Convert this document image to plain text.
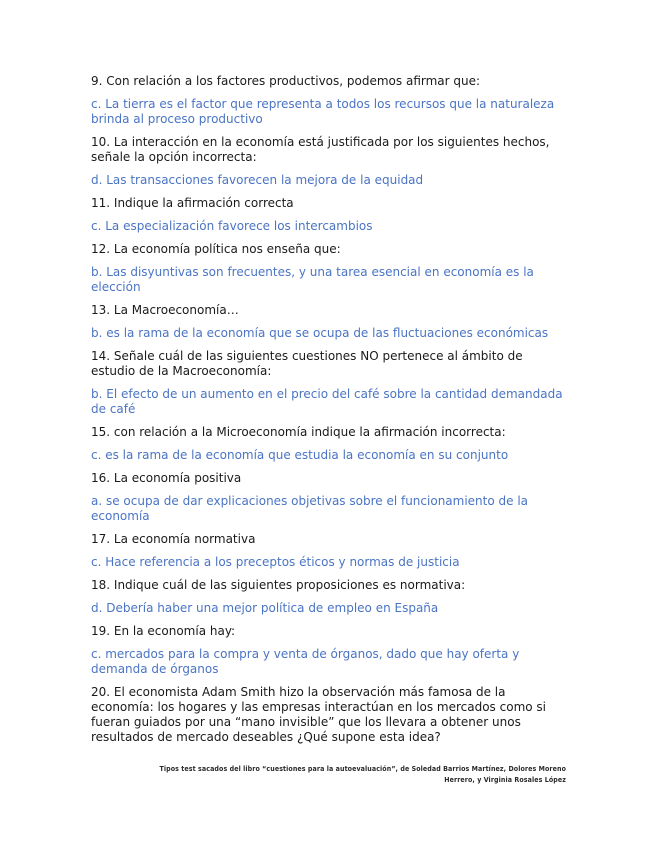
9. Con relación a los factores productivos, podemos afirmar que:

c. La tierra es el factor que representa a todos los recursos que la naturaleza brinda al proceso productivo

10. La interacción en la economía está justificada por los siguientes hechos, señale la opción incorrecta:

d. Las transacciones favorecen la mejora de la equidad

11. Indique la afirmación correcta

c. La especialización favorece los intercambios

12. La economía política nos enseña que:

b. Las disyuntivas son frecuentes, y una tarea esencial en economía es la elección

13. La Macroeconomía…

b. es la rama de la economía que se ocupa de las fluctuaciones económicas

14. Señale cuál de las siguientes cuestiones NO pertenece al ámbito de estudio de la Macroeconomía:

b. El efecto de un aumento en el precio del café sobre la cantidad demandada de café

15. con relación a la Microeconomía indique la afirmación incorrecta:

c. es la rama de la economía que estudia la economía en su conjunto

16. La economía positiva

a. se ocupa de dar explicaciones objetivas sobre el funcionamiento de la economía

17. La economía normativa

c. Hace referencia a los preceptos éticos y normas de justicia

18. Indique cuál de las siguientes proposiciones es normativa:

d. Debería haber una mejor política de empleo en España

19. En la economía hay:

c. mercados para la compra y venta de órganos, dado que hay oferta y demanda de órganos

20. El economista Adam Smith hizo la observación más famosa de la economía: los hogares y las empresas interactúan en los mercados como si fueran guiados por una “mano invisible” que los llevara a obtener unos resultados de mercado deseables ¿Qué supone esta idea?

Tipos test sacados del libro “cuestiones para la autoevaluación”, de Soledad Barrios Martínez, Dolores Moreno
Herrero, y Virginia Rosales López
